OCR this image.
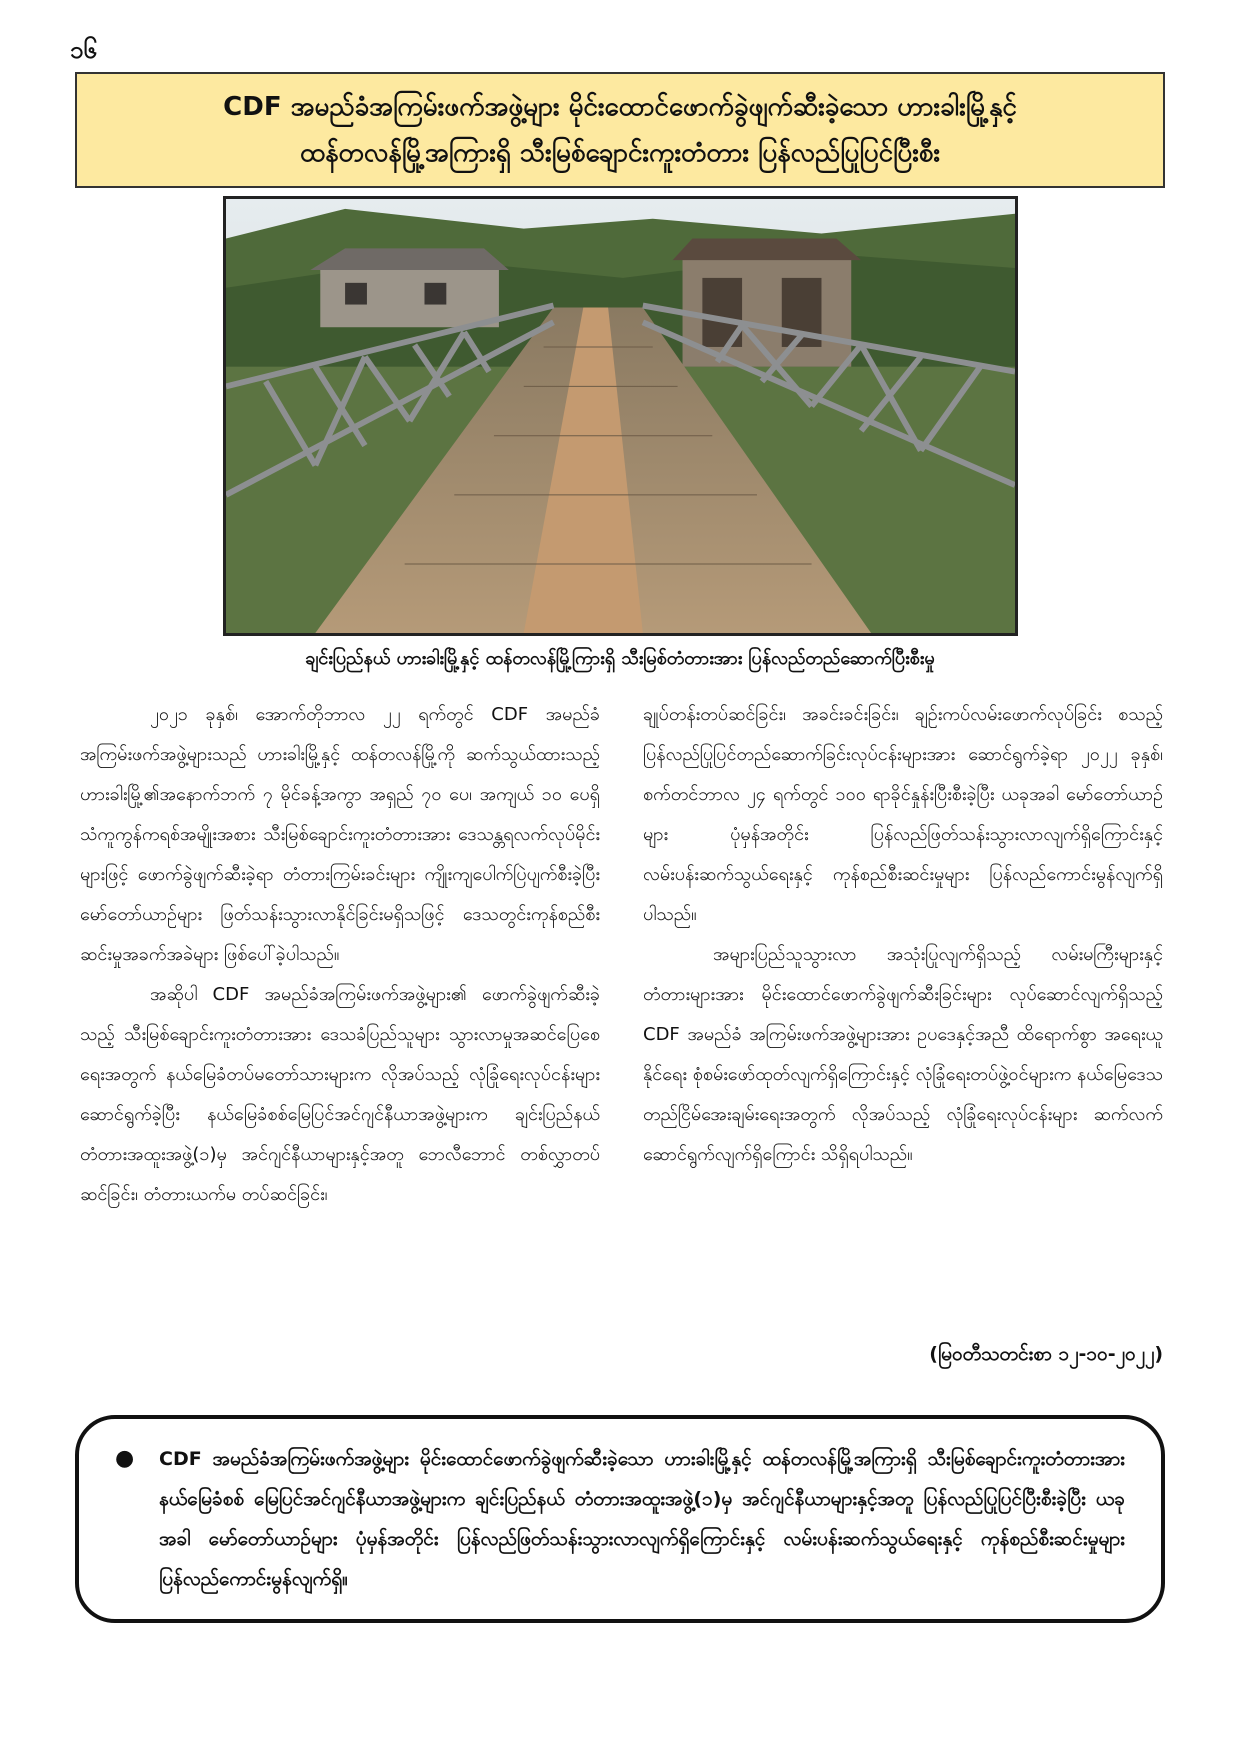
၁၆
CDF အမည်ခံအကြမ်းဖက်အဖွဲ့များ မိုင်းထောင်ဖောက်ခွဲဖျက်ဆီးခဲ့သော ဟားခါးမြို့နှင့်
ထန်တလန်မြို့အကြားရှိ သီးမြစ်ချောင်းကူးတံတား ပြန်လည်ပြုပြင်ပြီးစီး
ချင်းပြည်နယ် ဟားခါးမြို့နှင့် ထန်တလန်မြို့ကြားရှိ သီးမြစ်တံတားအား ပြန်လည်တည်ဆောက်ပြီးစီးမှု

၂၀၂၁ ခုနှစ်၊ အောက်တိုဘာလ ၂၂ ရက်တွင် CDF အမည်ခံအကြမ်းဖက်အဖွဲ့များသည် ဟားခါးမြို့နှင့် ထန်တလန်မြို့ကို ဆက်သွယ်ထားသည့် ဟားခါးမြို့၏အနောက်ဘက် ၇ မိုင်ခန့်အကွာ အရှည် ၇၀ ပေ၊ အကျယ် ၁၀ ပေရှိ သံကူကွန်ကရစ်အမျိုးအစား သီးမြစ်ချောင်းကူးတံတားအား ဒေသန္တရလက်လုပ်မိုင်းများဖြင့် ဖောက်ခွဲဖျက်ဆီးခဲ့ရာ တံတားကြမ်းခင်းများ ကျိုးကျပေါက်ပြဲပျက်စီးခဲ့ပြီး မော်တော်ယာဉ်များ ဖြတ်သန်းသွားလာနိုင်ခြင်းမရှိသဖြင့် ဒေသတွင်းကုန်စည်စီးဆင်းမှုအခက်အခဲများ ဖြစ်ပေါ်ခဲ့ပါသည်။

အဆိုပါ CDF အမည်ခံအကြမ်းဖက်အဖွဲ့များ၏ ဖောက်ခွဲဖျက်ဆီးခဲ့သည့် သီးမြစ်ချောင်းကူးတံတားအား ဒေသခံပြည်သူများ သွားလာမှုအဆင်ပြေစေရေးအတွက် နယ်မြေခံတပ်မတော်သားများက လိုအပ်သည့် လုံခြုံရေးလုပ်ငန်းများ ဆောင်ရွက်ခဲ့ပြီး နယ်မြေခံစစ်မြေပြင်အင်ဂျင်နီယာအဖွဲ့များက ချင်းပြည်နယ် တံတားအထူးအဖွဲ့(၁)မှ အင်ဂျင်နီယာများနှင့်အတူ ဘေလီဘောင် တစ်လွှာတပ်ဆင်ခြင်း၊ တံတားယက်မ တပ်ဆင်ခြင်း၊

ချုပ်တန်းတပ်ဆင်ခြင်း၊ အခင်းခင်းခြင်း၊ ချဉ်းကပ်လမ်းဖောက်လုပ်ခြင်း စသည့် ပြန်လည်ပြုပြင်တည်ဆောက်ခြင်းလုပ်ငန်းများအား ဆောင်ရွက်ခဲ့ရာ ၂၀၂၂ ခုနှစ်၊ စက်တင်ဘာလ ၂၄ ရက်တွင် ၁၀၀ ရာခိုင်နှုန်းပြီးစီးခဲ့ပြီး ယခုအခါ မော်တော်ယာဉ်များ ပုံမှန်အတိုင်း ပြန်လည်ဖြတ်သန်းသွားလာလျက်ရှိကြောင်းနှင့် လမ်းပန်းဆက်သွယ်ရေးနှင့် ကုန်စည်စီးဆင်းမှုများ ပြန်လည်ကောင်းမွန်လျက်ရှိပါသည်။

အများပြည်သူသွားလာ အသုံးပြုလျက်ရှိသည့် လမ်းမကြီးများနှင့် တံတားများအား မိုင်းထောင်ဖောက်ခွဲဖျက်ဆီးခြင်းများ လုပ်ဆောင်လျက်ရှိသည့် CDF အမည်ခံ အကြမ်းဖက်အဖွဲ့များအား ဥပဒေနှင့်အညီ ထိရောက်စွာ အရေးယူနိုင်ရေး စုံစမ်းဖော်ထုတ်လျက်ရှိကြောင်းနှင့် လုံခြုံရေးတပ်ဖွဲ့ဝင်များက နယ်မြေဒေသတည်ငြိမ်အေးချမ်းရေးအတွက် လိုအပ်သည့် လုံခြုံရေးလုပ်ငန်းများ ဆက်လက်ဆောင်ရွက်လျက်ရှိကြောင်း သိရှိရပါသည်။

(မြဝတီသတင်းစာ ၁၂-၁၀-၂၀၂၂)
●	CDF အမည်ခံအကြမ်းဖက်အဖွဲ့များ မိုင်းထောင်ဖောက်ခွဲဖျက်ဆီးခဲ့သော ဟားခါးမြို့နှင့် ထန်တလန်မြို့အကြားရှိ သီးမြစ်ချောင်းကူးတံတားအား နယ်မြေခံစစ် မြေပြင်အင်ဂျင်နီယာအဖွဲ့များက ချင်းပြည်နယ် တံတားအထူးအဖွဲ့(၁)မှ အင်ဂျင်နီယာများနှင့်အတူ ပြန်လည်ပြုပြင်ပြီးစီးခဲ့ပြီး ယခုအခါ မော်တော်ယာဉ်များ ပုံမှန်အတိုင်း ပြန်လည်ဖြတ်သန်းသွားလာလျက်ရှိကြောင်းနှင့် လမ်းပန်းဆက်သွယ်ရေးနှင့် ကုန်စည်စီးဆင်းမှုများ ပြန်လည်ကောင်းမွန်လျက်ရှိ။
